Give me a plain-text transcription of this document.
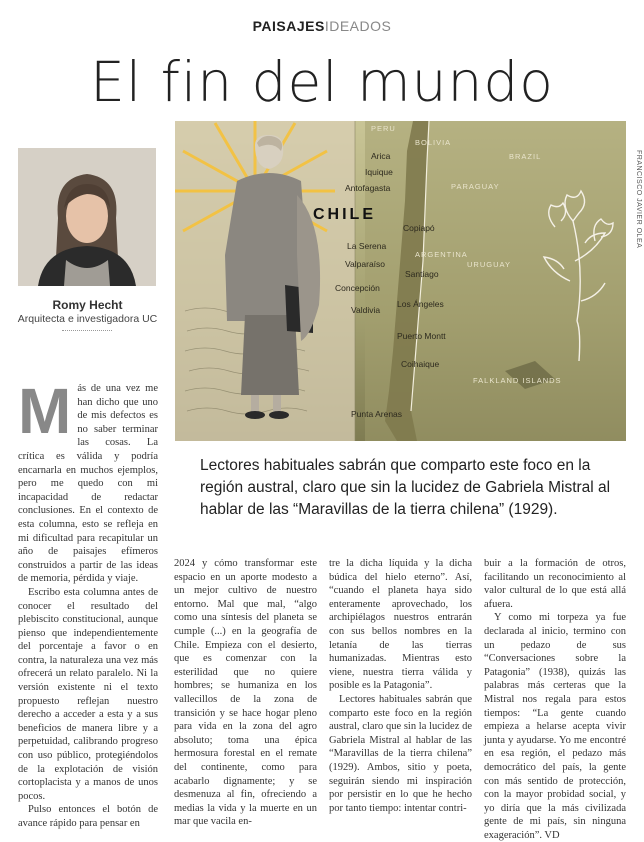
PAISAJESIDEADOS
El fin del mundo
Romy Hecht
Arquitecta e investigadora UC
Arica
Iquique
Antofagasta
Copiapó
La Serena
Valparaíso
Santiago
Concepción
Valdivia
Los Ángeles
Puerto Montt
Coihaique
Punta Arenas
PERU
BOLIVIA
BRAZIL
PARAGUAY
ARGENTINA
URUGUAY
FALKLAND ISLANDS
CHILE	FRANCISCO JAVIER OLEA
Lectores habituales sabrán que comparto este foco en la región austral, claro que sin la lucidez de Gabriela Mistral al hablar de las “Maravillas de la tierra chilena” (1929).

Más de una vez me han dicho que uno de mis defectos es no saber terminar las cosas. La crítica es válida y podría encarnarla en muchos ejemplos, pero me quedo con mi incapacidad de redactar conclusiones. En el contexto de esta columna, esto se refleja en mi dificultad para recapitular un año de paisajes efímeros construidos a partir de las ideas de memoria, pérdida y viaje.

Escribo esta columna antes de conocer el resultado del plebiscito constitucional, aunque pienso que independientemente del porcentaje a favor o en contra, la naturaleza una vez más ofrecerá un relato paralelo. Ni la versión existente ni el texto propuesto reflejan nuestro derecho a acceder a esta y a sus beneficios de manera libre y a perpetuidad, calibrando progreso con uso público, protegiéndolos de la explotación de visión cortoplacista y a manos de unos pocos.

Pulso entonces el botón de avance rápido para pensar en

2024 y cómo transformar este espacio en un aporte modesto a un mejor cultivo de nuestro entorno. Mal que mal, “algo como una síntesis del planeta se cumple (...) en la geografía de Chile. Empieza con el desierto, que es comenzar con la esterilidad que no quiere hombres; se humaniza en los vallecillos de la zona de transición y se hace hogar pleno para vida en la zona del agro absoluto; toma una épica hermosura forestal en el remate del continente, como para acabarlo dignamente; y se desmenuza al fin, ofreciendo a medias la vida y la muerte en un mar que vacila en-

tre la dicha líquida y la dicha búdica del hielo eterno”. Así, “cuando el planeta haya sido enteramente aprovechado, los archipiélagos nuestros entrarán con sus bellos nombres en la letanía de las tierras humanizadas. Mientras esto viene, nuestra tierra válida y posible es la Patagonia”.

Lectores habituales sabrán que comparto este foco en la región austral, claro que sin la lucidez de Gabriela Mistral al hablar de las “Maravillas de la tierra chilena” (1929). Ambos, sitio y poeta, seguirán siendo mi inspiración por persistir en lo que he hecho por tanto tiempo: intentar contri-

buir a la formación de otros, facilitando un reconocimiento al valor cultural de lo que está allá afuera.

Y como mi torpeza ya fue declarada al inicio, termino con un pedazo de sus “Conversaciones sobre la Patagonia” (1938), quizás las palabras más certeras que la Mistral nos regala para estos tiempos: “La gente cuando empieza a helarse acepta vivir junta y ayudarse. Yo me encontré en esa región, el pedazo más democrático del país, la gente con más sentido de protección, con la mayor probidad social, y yo diría que la más civilizada gente de mi país, sin ninguna exageración”. VD
